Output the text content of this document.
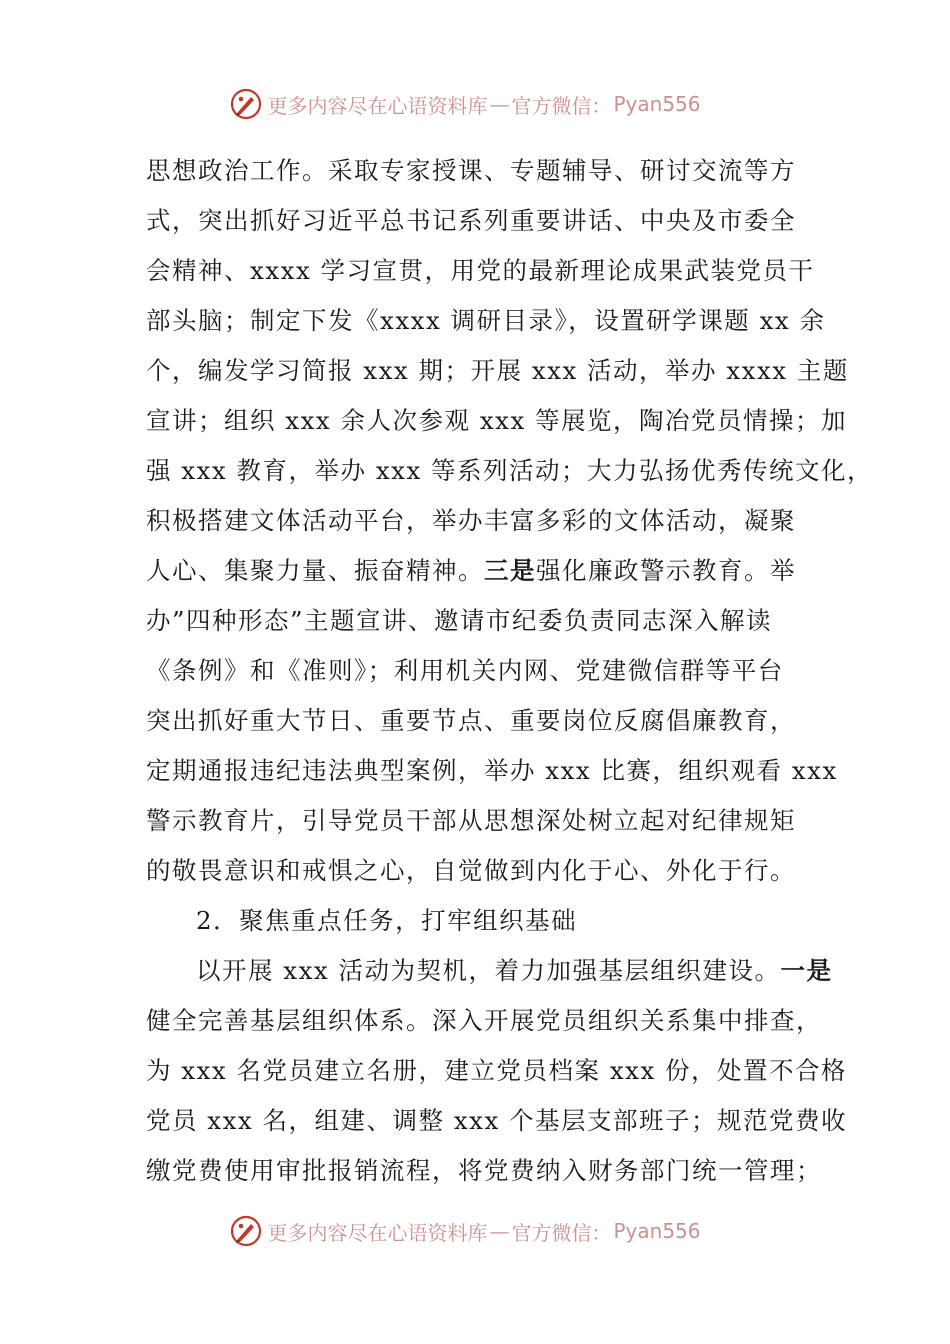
更多内容尽在心语资料库 — 官方微信： Pyan556
思想政治工作。采取专家授课、专题辅导、研讨交流等方
式，突出抓好习近平总书记系列重要讲话、中央及市委全
会精神、xxxx 学习宣贯，用党的最新理论成果武装党员干
部头脑；制定下发《xxxx 调研目录》，设置研学课题 xx 余
个，编发学习简报 xxx 期；开展 xxx 活动，举办 xxxx 主题
宣讲；组织 xxx 余人次参观 xxx 等展览，陶冶党员情操；加
强 xxx 教育，举办 xxx 等系列活动；大力弘扬优秀传统文化，
积极搭建文体活动平台，举办丰富多彩的文体活动，凝聚
人心、集聚力量、振奋精神。三是强化廉政警示教育。举
办”四种形态”主题宣讲、邀请市纪委负责同志深入解读
《条例》和《准则》；利用机关内网、党建微信群等平台
突出抓好重大节日、重要节点、重要岗位反腐倡廉教育，
定期通报违纪违法典型案例，举办 xxx 比赛，组织观看 xxx
警示教育片，引导党员干部从思想深处树立起对纪律规矩
的敬畏意识和戒惧之心，自觉做到内化于心、外化于行。
2．聚焦重点任务，打牢组织基础
以开展 xxx 活动为契机，着力加强基层组织建设。一是
健全完善基层组织体系。深入开展党员组织关系集中排查，
为 xxx 名党员建立名册，建立党员档案 xxx 份，处置不合格
党员 xxx 名，组建、调整 xxx 个基层支部班子；规范党费收
缴党费使用审批报销流程，将党费纳入财务部门统一管理；
更多内容尽在心语资料库 — 官方微信： Pyan556
